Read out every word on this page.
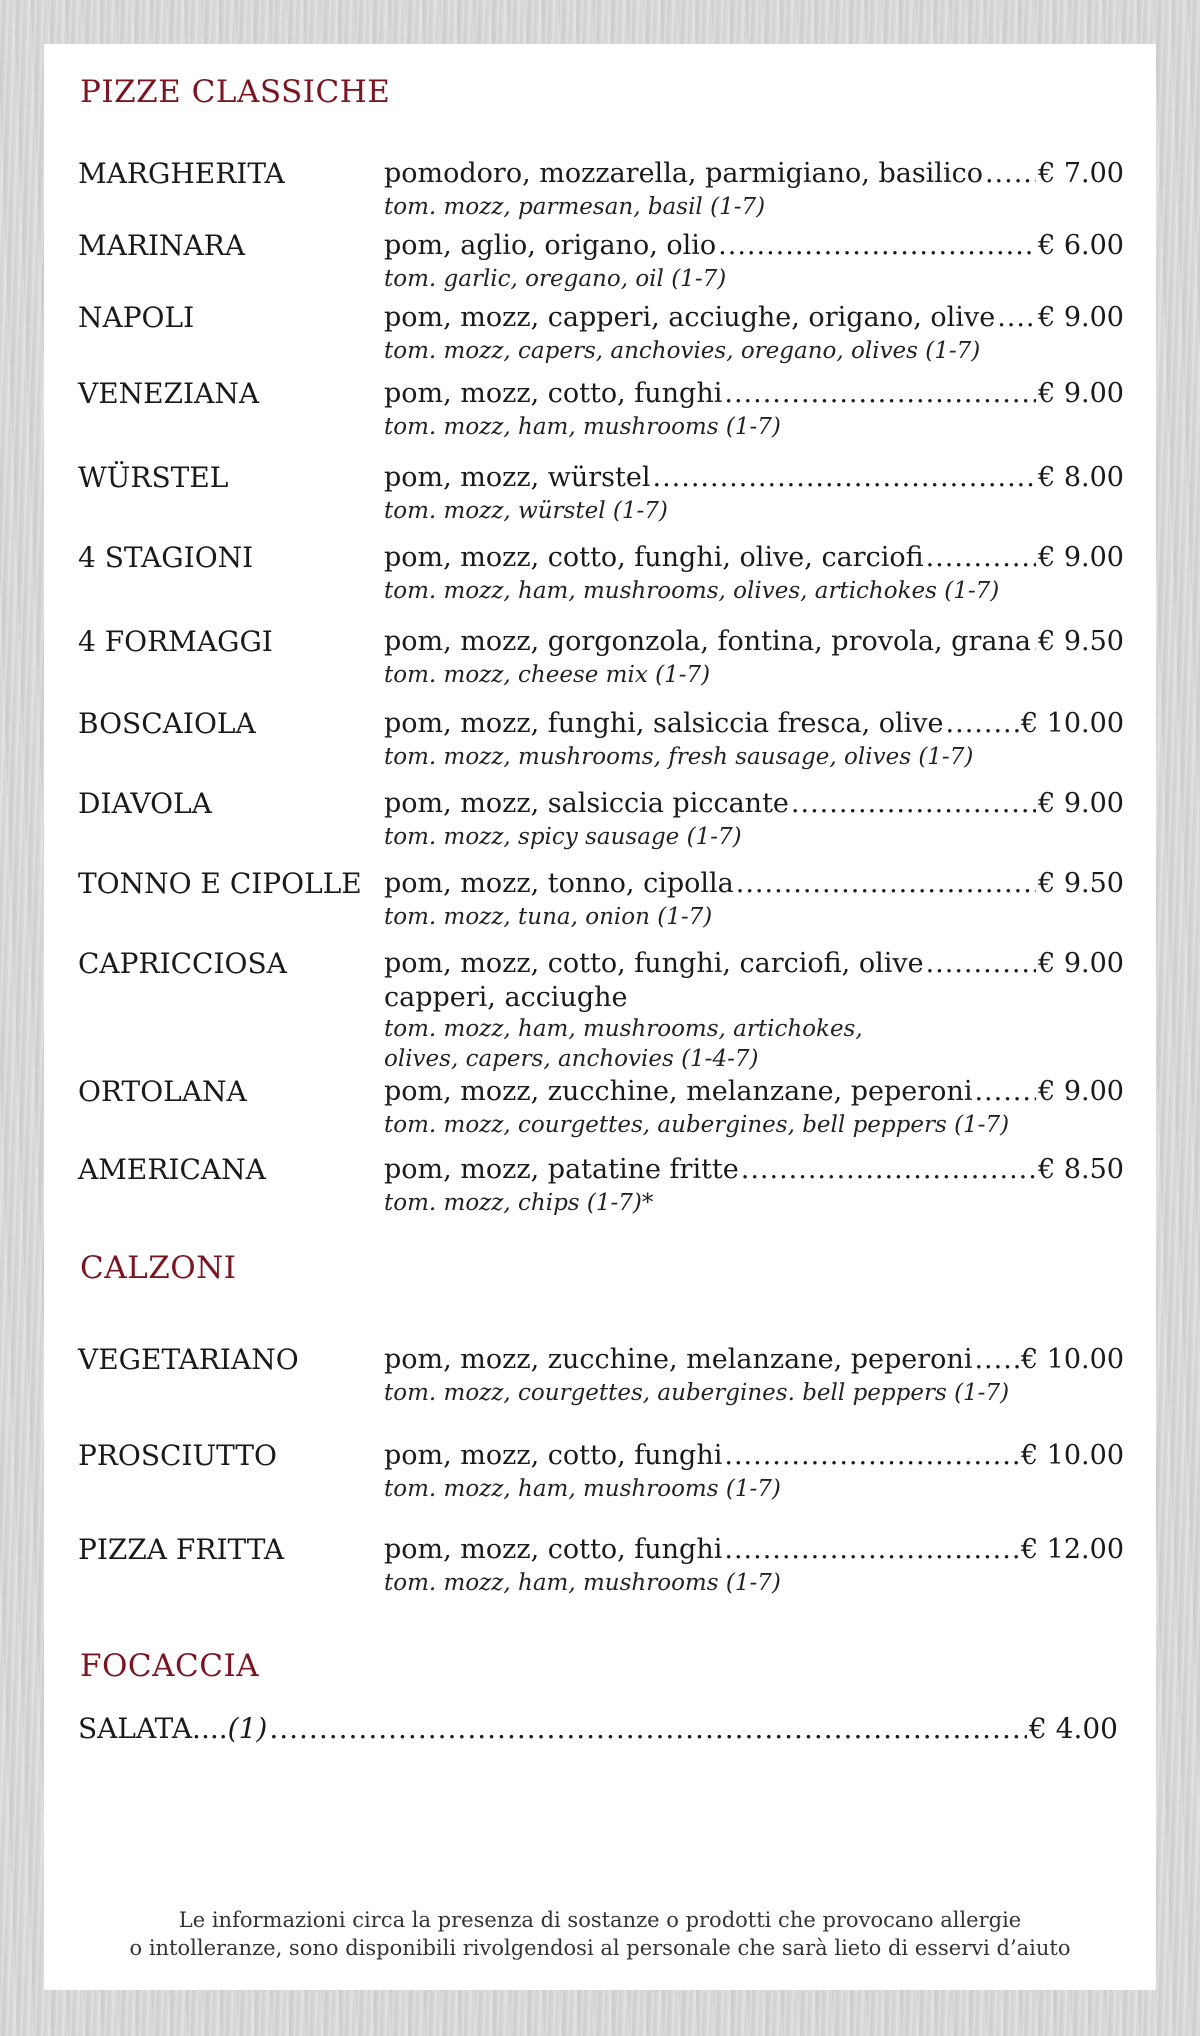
PIZZE CLASSICHE
MARGHERITA	pomodoro, mozzarella, parmigiano, basilico ..... € 7.00
tom. mozz, parmesan, basil (1-7)
MARINARA	pom, aglio, origano, olio .....	€ 6.00
tom. garlic, oregano, oil (1-7)
NAPOLI	pom, mozz, capperi, acciughe, origano, olive ..... € 9.00
tom. mozz, capers, anchovies, oregano, olives (1-7)
VENEZIANA	pom, mozz, cotto, funghi .....	€ 9.00
tom. mozz, ham, mushrooms (1-7)
WÜRSTEL	pom, mozz, würstel .....	€ 8.00
tom. mozz, würstel (1-7)
4 STAGIONI	pom, mozz, cotto, funghi, olive, carciofi .....	€ 9.00
tom. mozz, ham, mushrooms, olives, artichokes (1-7)
4 FORMAGGI	pom, mozz, gorgonzola, fontina, provola, grana ..... € 9.50
tom. mozz, cheese mix (1-7)
BOSCAIOLA	pom, mozz, funghi, salsiccia fresca, olive .....	€ 10.00
tom. mozz, mushrooms, fresh sausage, olives (1-7)
DIAVOLA	pom, mozz, salsiccia piccante .....	€ 9.00
tom. mozz, spicy sausage (1-7)
TONNO E CIPOLLE pom, mozz, tonno, cipolla .....	€ 9.50
tom. mozz, tuna, onion (1-7)
CAPRICCIOSA	pom, mozz, cotto, funghi, carciofi, olive .....	€ 9.00
capperi, acciughe
tom. mozz, ham, mushrooms, artichokes,
olives, capers, anchovies (1-4-7)
ORTOLANA	pom, mozz, zucchine, melanzane, peperoni ..... € 9.00
tom. mozz, courgettes, aubergines, bell peppers (1-7)
AMERICANA	pom, mozz, patatine fritte .....	€ 8.50
tom. mozz, chips (1-7)*
CALZONI
VEGETARIANO	pom, mozz, zucchine, melanzane, peperoni ..... € 10.00
tom. mozz, courgettes, aubergines. bell peppers (1-7)
PROSCIUTTO	pom, mozz, cotto, funghi .....	€ 10.00
tom. mozz, ham, mushrooms (1-7)
PIZZA FRITTA	pom, mozz, cotto, funghi .....	€ 12.00
tom. mozz, ham, mushrooms (1-7)
FOCACCIA
SALATA.... (1) .....	€ 4.00
Le informazioni circa la presenza di sostanze o prodotti che provocano allergie
o intolleranze, sono disponibili rivolgendosi al personale che sarà lieto di esservi d’aiuto
